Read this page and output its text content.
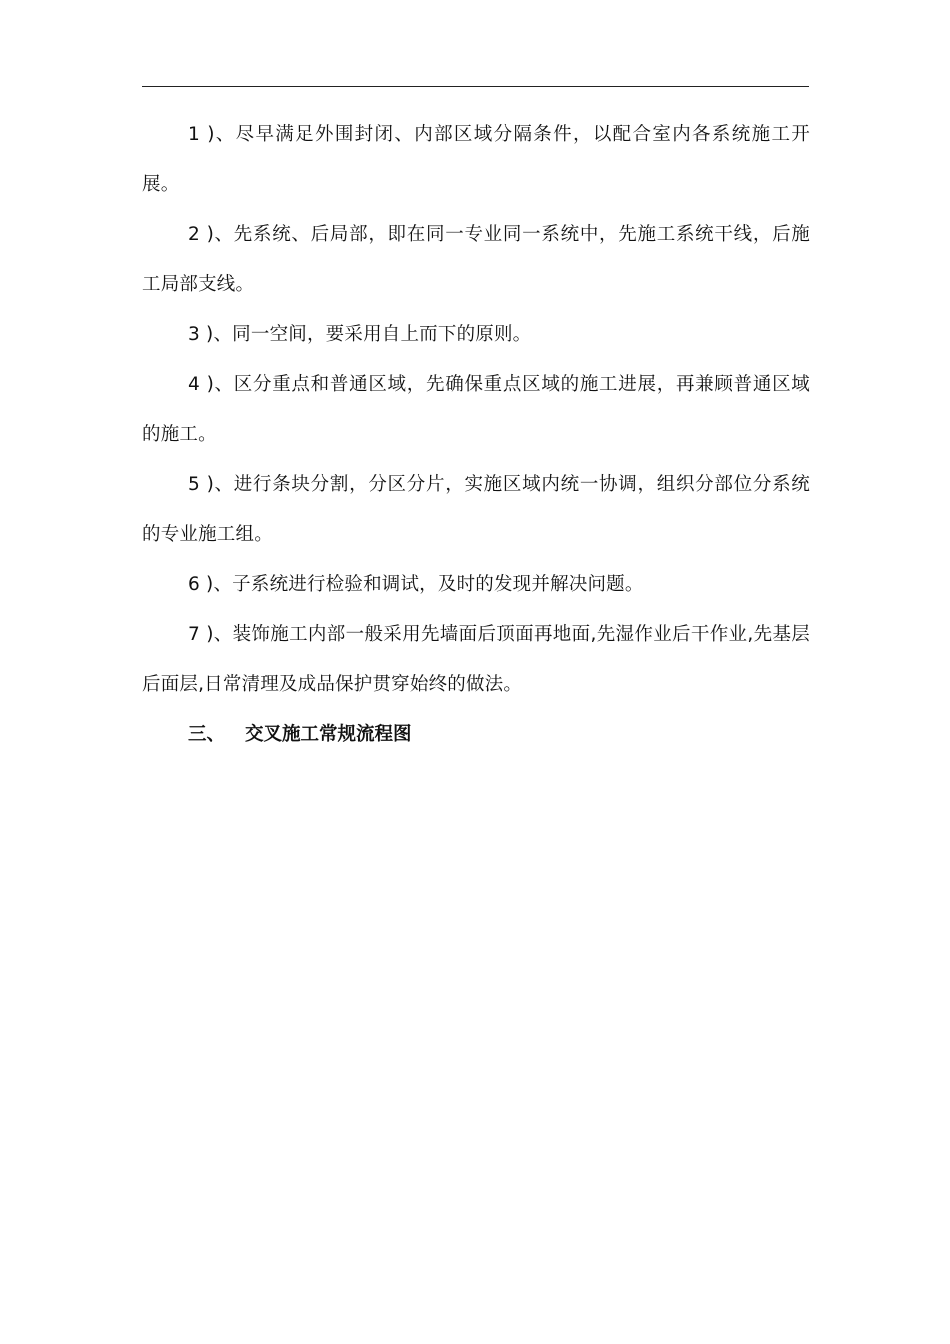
1 )、尽早满足外围封闭、内部区域分隔条件，以配合室内各系统施工开展。

2 )、先系统、后局部，即在同一专业同一系统中，先施工系统干线，后施工局部支线。

3 )、同一空间，要采用自上而下的原则。

4 )、区分重点和普通区域，先确保重点区域的施工进展，再兼顾普通区域的施工。

5 )、进行条块分割，分区分片，实施区域内统一协调，组织分部位分系统的专业施工组。

6 )、子系统进行检验和调试，及时的发现并解决问题。

7 )、装饰施工内部一般采用先墙面后顶面再地面,先湿作业后干作业,先基层后面层,日常清理及成品保护贯穿始终的做法。

三、 交叉施工常规流程图
